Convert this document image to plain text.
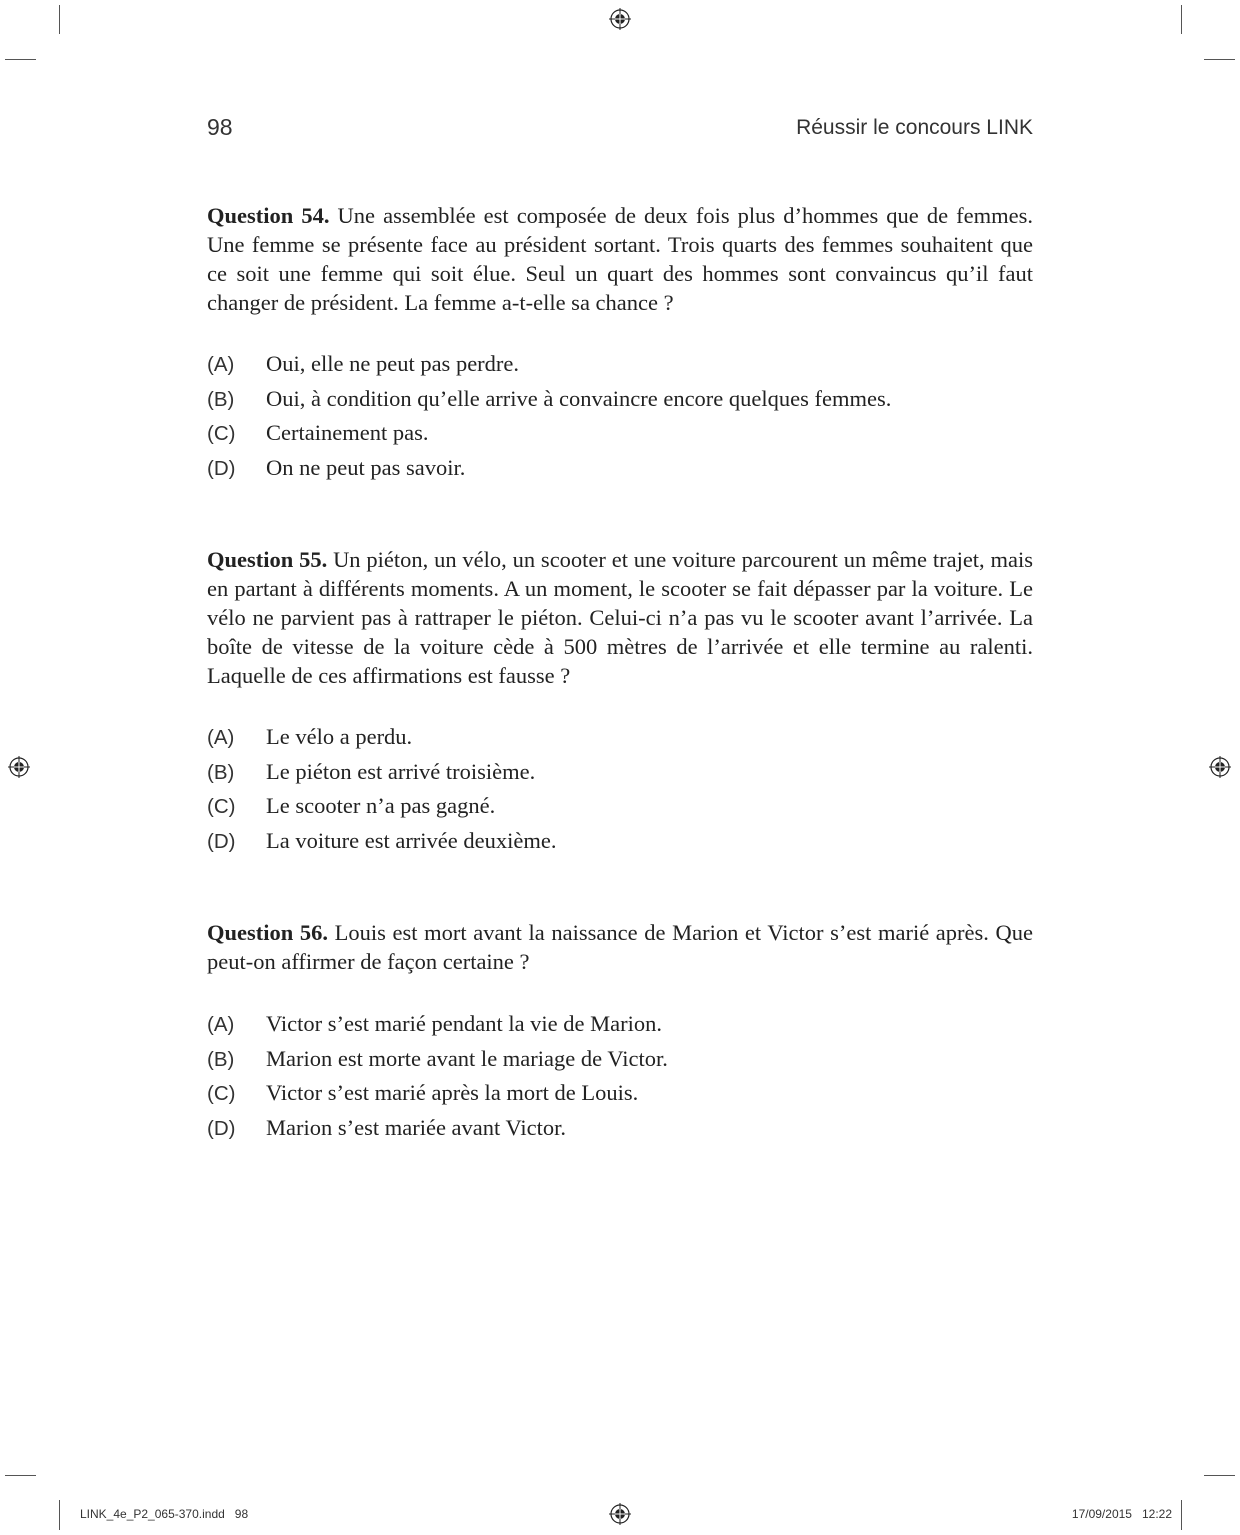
98	Réussir le concours LINK
Question 54. Une assemblée est composée de deux fois plus d’hommes que de femmes. Une femme se présente face au président sortant. Trois quarts des femmes souhaitent que ce soit une femme qui soit élue. Seul un quart des hommes sont convaincus qu’il faut changer de président. La femme a-t-elle sa chance ?
(A) Oui, elle ne peut pas perdre.
(B) Oui, à condition qu’elle arrive à convaincre encore quelques femmes.
(C) Certainement pas.
(D) On ne peut pas savoir.
Question 55. Un piéton, un vélo, un scooter et une voiture parcourent un même trajet, mais en partant à différents moments. A un moment, le scooter se fait dépasser par la voiture. Le vélo ne parvient pas à rattraper le piéton. Celui-ci n’a pas vu le scooter avant l’arrivée. La boîte de vitesse de la voiture cède à 500 mètres de l’arrivée et elle termine au ralenti. Laquelle de ces affirmations est fausse ?
(A) Le vélo a perdu.
(B) Le piéton est arrivé troisième.
(C) Le scooter n’a pas gagné.
(D) La voiture est arrivée deuxième.
Question 56. Louis est mort avant la naissance de Marion et Victor s’est marié après. Que peut-on affirmer de façon certaine ?
(A) Victor s’est marié pendant la vie de Marion.
(B) Marion est morte avant le mariage de Victor.
(C) Victor s’est marié après la mort de Louis.
(D) Marion s’est mariée avant Victor.
LINK_4e_P2_065-370.indd   98	17/09/2015   12:22
